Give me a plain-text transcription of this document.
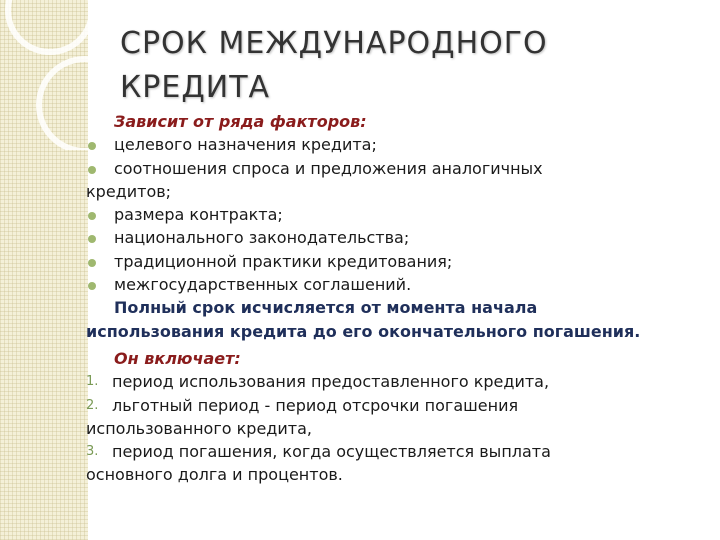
СРОК МЕЖДУНАРОДНОГО
КРЕДИТА
Зависит от ряда факторов:
целевого назначения кредита;
соотношения спроса и предложения аналогичных
кредитов;
размера контракта;
национального законодательства;
традиционной практики кредитования;
межгосударственных соглашений.
Полный срок исчисляется от момента начала
использования кредита до его окончательного погашения.
Он включает:
1. период использования предоставленного кредита,
2. льготный период - период отсрочки погашения
использованного кредита,
3. период погашения, когда осуществляется выплата
основного долга и процентов.
